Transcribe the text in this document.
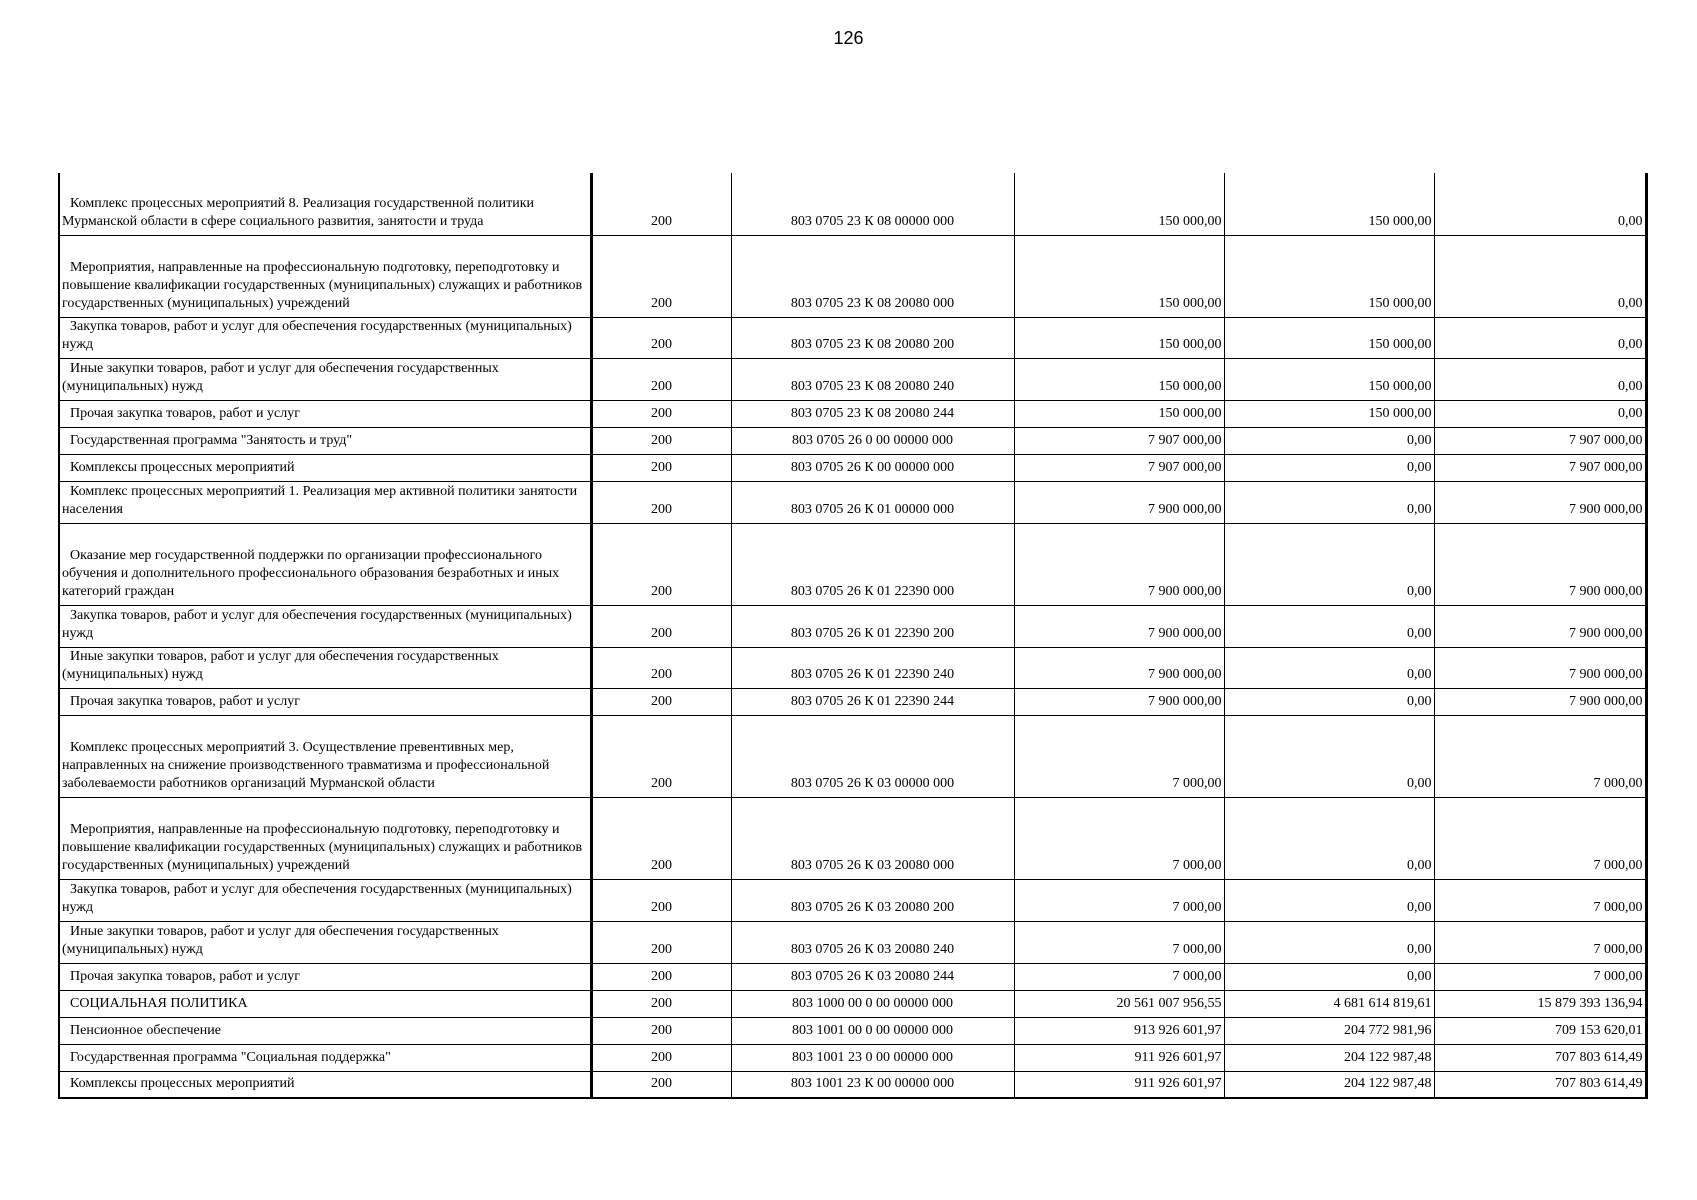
126
Комплекс процессных мероприятий 8. Реализация государственной политики Мурманской области в сфере социального развития, занятости и труда	200	803 0705 23 К 08 00000 000	150 000,00	150 000,00	0,00
Мероприятия, направленные на профессиональную подготовку, переподготовку и повышение квалификации государственных (муниципальных) служащих и работников государственных (муниципальных) учреждений	200	803 0705 23 К 08 20080 000	150 000,00	150 000,00	0,00
Закупка товаров, работ и услуг для обеспечения государственных (муниципальных) нужд	200	803 0705 23 К 08 20080 200	150 000,00	150 000,00	0,00
Иные закупки товаров, работ и услуг для обеспечения государственных (муниципальных) нужд	200	803 0705 23 К 08 20080 240	150 000,00	150 000,00	0,00
Прочая закупка товаров, работ и услуг	200	803 0705 23 К 08 20080 244	150 000,00	150 000,00	0,00
Государственная программа "Занятость и труд"	200	803 0705 26 0 00 00000 000	7 907 000,00	0,00	7 907 000,00
Комплексы процессных мероприятий	200	803 0705 26 К 00 00000 000	7 907 000,00	0,00	7 907 000,00
Комплекс процессных мероприятий 1. Реализация мер активной политики занятости населения	200	803 0705 26 К 01 00000 000	7 900 000,00	0,00	7 900 000,00
Оказание мер государственной поддержки по организации профессионального обучения и дополнительного профессионального образования безработных и иных категорий граждан	200	803 0705 26 К 01 22390 000	7 900 000,00	0,00	7 900 000,00
Закупка товаров, работ и услуг для обеспечения государственных (муниципальных) нужд	200	803 0705 26 К 01 22390 200	7 900 000,00	0,00	7 900 000,00
Иные закупки товаров, работ и услуг для обеспечения государственных (муниципальных) нужд	200	803 0705 26 К 01 22390 240	7 900 000,00	0,00	7 900 000,00
Прочая закупка товаров, работ и услуг	200	803 0705 26 К 01 22390 244	7 900 000,00	0,00	7 900 000,00
Комплекс процессных мероприятий 3. Осуществление превентивных мер, направленных на снижение производственного травматизма и профессиональной заболеваемости работников организаций Мурманской области	200	803 0705 26 К 03 00000 000	7 000,00	0,00	7 000,00
Мероприятия, направленные на профессиональную подготовку, переподготовку и повышение квалификации государственных (муниципальных) служащих и работников государственных (муниципальных) учреждений	200	803 0705 26 К 03 20080 000	7 000,00	0,00	7 000,00
Закупка товаров, работ и услуг для обеспечения государственных (муниципальных) нужд	200	803 0705 26 К 03 20080 200	7 000,00	0,00	7 000,00
Иные закупки товаров, работ и услуг для обеспечения государственных (муниципальных) нужд	200	803 0705 26 К 03 20080 240	7 000,00	0,00	7 000,00
Прочая закупка товаров, работ и услуг	200	803 0705 26 К 03 20080 244	7 000,00	0,00	7 000,00
СОЦИАЛЬНАЯ ПОЛИТИКА	200	803 1000 00 0 00 00000 000	20 561 007 956,55	4 681 614 819,61	15 879 393 136,94
Пенсионное обеспечение	200	803 1001 00 0 00 00000 000	913 926 601,97	204 772 981,96	709 153 620,01
Государственная программа "Социальная поддержка"	200	803 1001 23 0 00 00000 000	911 926 601,97	204 122 987,48	707 803 614,49
Комплексы процессных мероприятий	200	803 1001 23 К 00 00000 000	911 926 601,97	204 122 987,48	707 803 614,49
